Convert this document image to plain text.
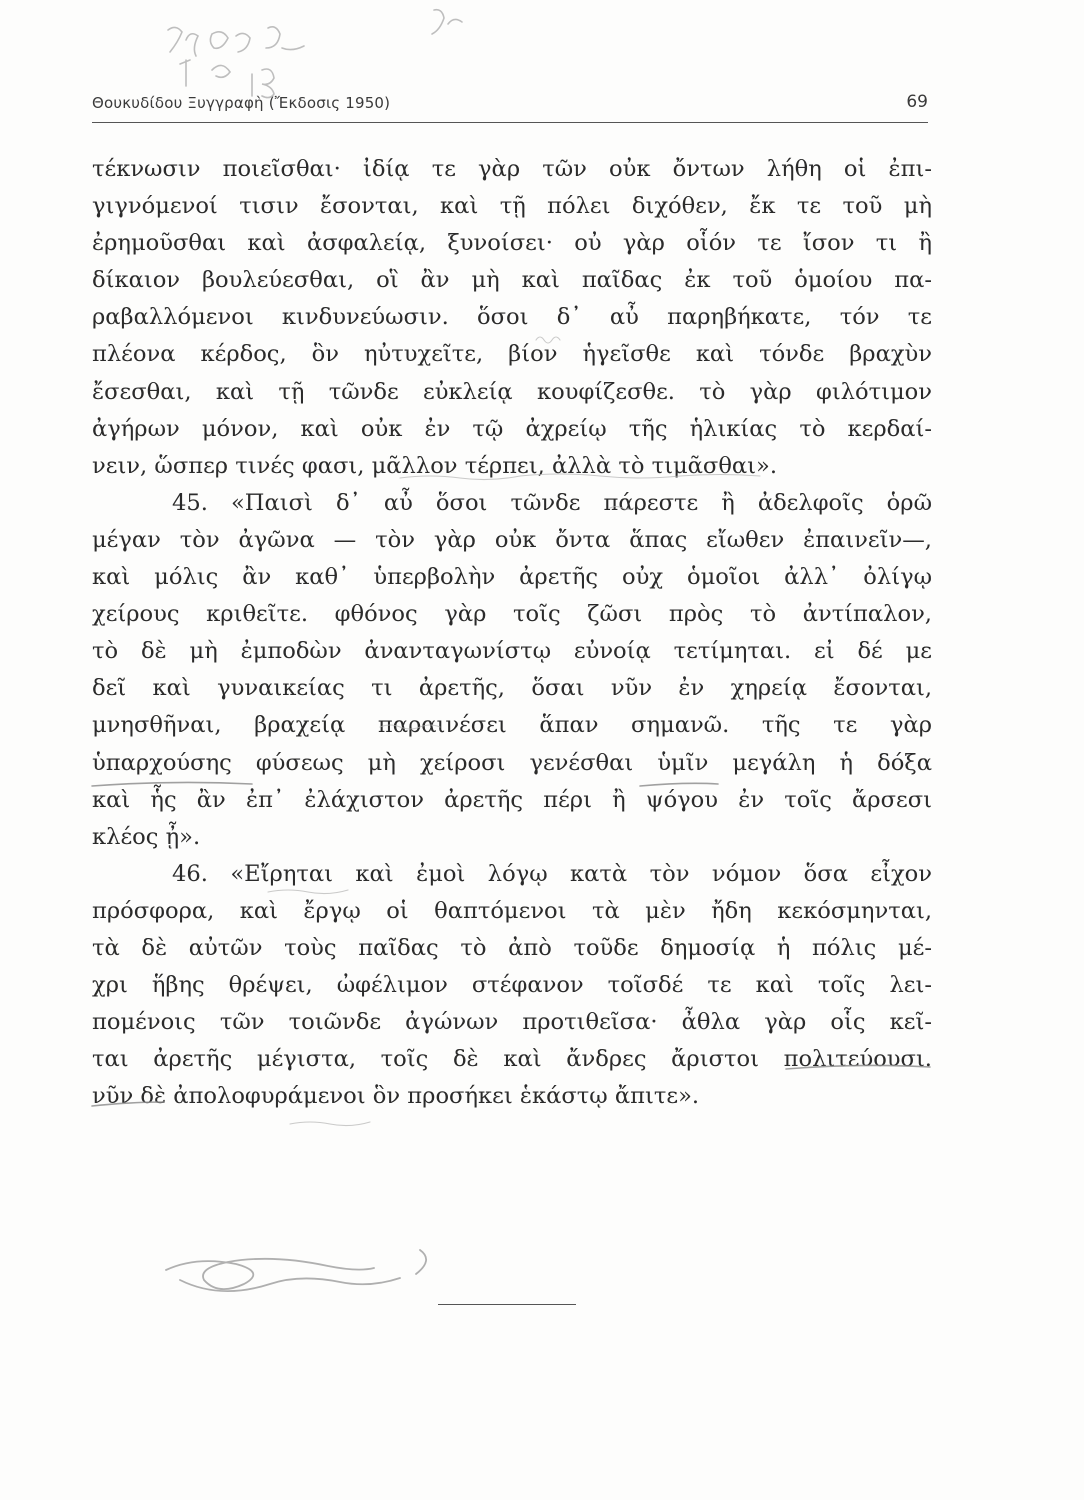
Θουκυδίδου Ξυγγραφὴ (Ἔκδοσις 1950)	69
τέκνωσιν ποιεῖσθαι· ἰδίᾳ τε γὰρ τῶν οὐκ ὄντων λήθη οἱ ἐπι-
γιγνόμενοί τισιν ἔσονται, καὶ τῇ πόλει διχόθεν, ἔκ τε τοῦ μὴ
ἐρημοῦσθαι καὶ ἀσφαλείᾳ, ξυνοίσει· οὐ γὰρ οἷόν τε ἴσον τι ἢ
δίκαιον βουλεύεσθαι, οἳ ἂν μὴ καὶ παῖδας ἐκ τοῦ ὁμοίου πα-
ραβαλλόμενοι κινδυνεύωσιν. ὅσοι δ᾿ αὖ παρηβήκατε, τόν τε
πλέονα κέρδος, ὃν ηὐτυχεῖτε, βίον ἡγεῖσθε καὶ τόνδε βραχὺν
ἔσεσθαι, καὶ τῇ τῶνδε εὐκλείᾳ κουφίζεσθε. τὸ γὰρ φιλότιμον
ἀγήρων μόνον, καὶ οὐκ ἐν τῷ ἀχρείῳ τῆς ἡλικίας τὸ κερδαί-
νειν, ὥσπερ τινές φασι, μᾶλλον τέρπει, ἀλλὰ τὸ τιμᾶσθαι».
45. «Παισὶ δ᾿ αὖ ὅσοι τῶνδε πάρεστε ἢ ἀδελφοῖς ὁρῶ
μέγαν τὸν ἀγῶνα — τὸν γὰρ οὐκ ὄντα ἅπας εἴωθεν ἐπαινεῖν—,
καὶ μόλις ἂν καθ᾿ ὑπερβολὴν ἀρετῆς οὐχ ὁμοῖοι ἀλλ᾿ ὀλίγῳ
χείρους κριθεῖτε. φθόνος γὰρ τοῖς ζῶσι πρὸς τὸ ἀντίπαλον,
τὸ δὲ μὴ ἐμποδὼν ἀνανταγωνίστῳ εὐνοίᾳ τετίμηται. εἰ δέ με
δεῖ καὶ γυναικείας τι ἀρετῆς, ὅσαι νῦν ἐν χηρείᾳ ἔσονται,
μνησθῆναι, βραχείᾳ παραινέσει ἅπαν σημανῶ. τῆς τε γὰρ
ὑπαρχούσης φύσεως μὴ χείροσι γενέσθαι ὑμῖν μεγάλη ἡ δόξα
καὶ ἧς ἂν ἐπ᾿ ἐλάχιστον ἀρετῆς πέρι ἢ ψόγου ἐν τοῖς ἄρσεσι
κλέος ᾖ».
46. «Εἴρηται καὶ ἐμοὶ λόγῳ κατὰ τὸν νόμον ὅσα εἶχον
πρόσφορα, καὶ ἔργῳ οἱ θαπτόμενοι τὰ μὲν ἤδη κεκόσμηνται,
τὰ δὲ αὐτῶν τοὺς παῖδας τὸ ἀπὸ τοῦδε δημοσίᾳ ἡ πόλις μέ-
χρι ἥβης θρέψει, ὠφέλιμον στέφανον τοῖσδέ τε καὶ τοῖς λει-
πομένοις τῶν τοιῶνδε ἀγώνων προτιθεῖσα· ἆθλα γὰρ οἷς κεῖ-
ται ἀρετῆς μέγιστα, τοῖς δὲ καὶ ἄνδρες ἄριστοι πολιτεύουσι.
νῦν δὲ ἀπολοφυράμενοι ὃν προσήκει ἑκάστῳ ἄπιτε».
